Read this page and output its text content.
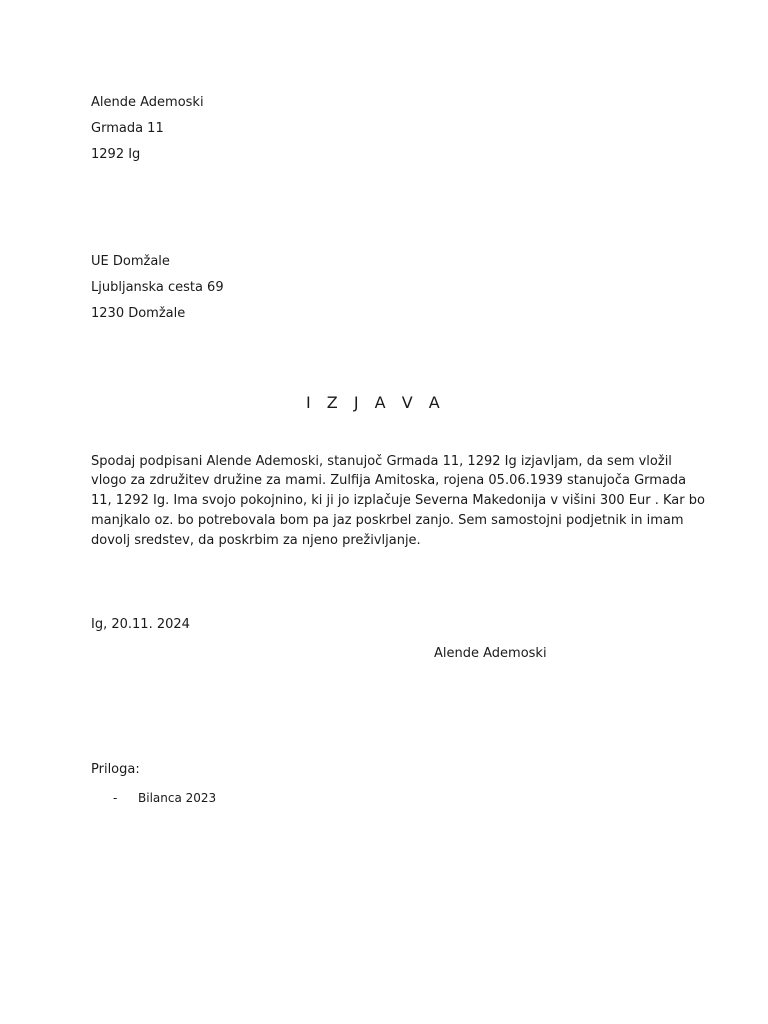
Alende Ademoski
Grmada 11
1292 Ig
UE Domžale
Ljubljanska cesta 69
1230 Domžale
I Z J A V A
Spodaj podpisani Alende Ademoski, stanujoč Grmada 11, 1292 Ig izjavljam, da sem vložil
vlogo za združitev družine za mami. Zulfija Amitoska, rojena 05.06.1939 stanujoča Grmada
11, 1292 Ig. Ima svojo pokojnino, ki ji jo izplačuje Severna Makedonija v višini 300 Eur . Kar bo
manjkalo oz. bo potrebovala bom pa jaz poskrbel zanjo. Sem samostojni podjetnik in imam
dovolj sredstev, da poskrbim za njeno preživljanje.
Ig, 20.11. 2024
Alende Ademoski
Priloga:
- Bilanca 2023
